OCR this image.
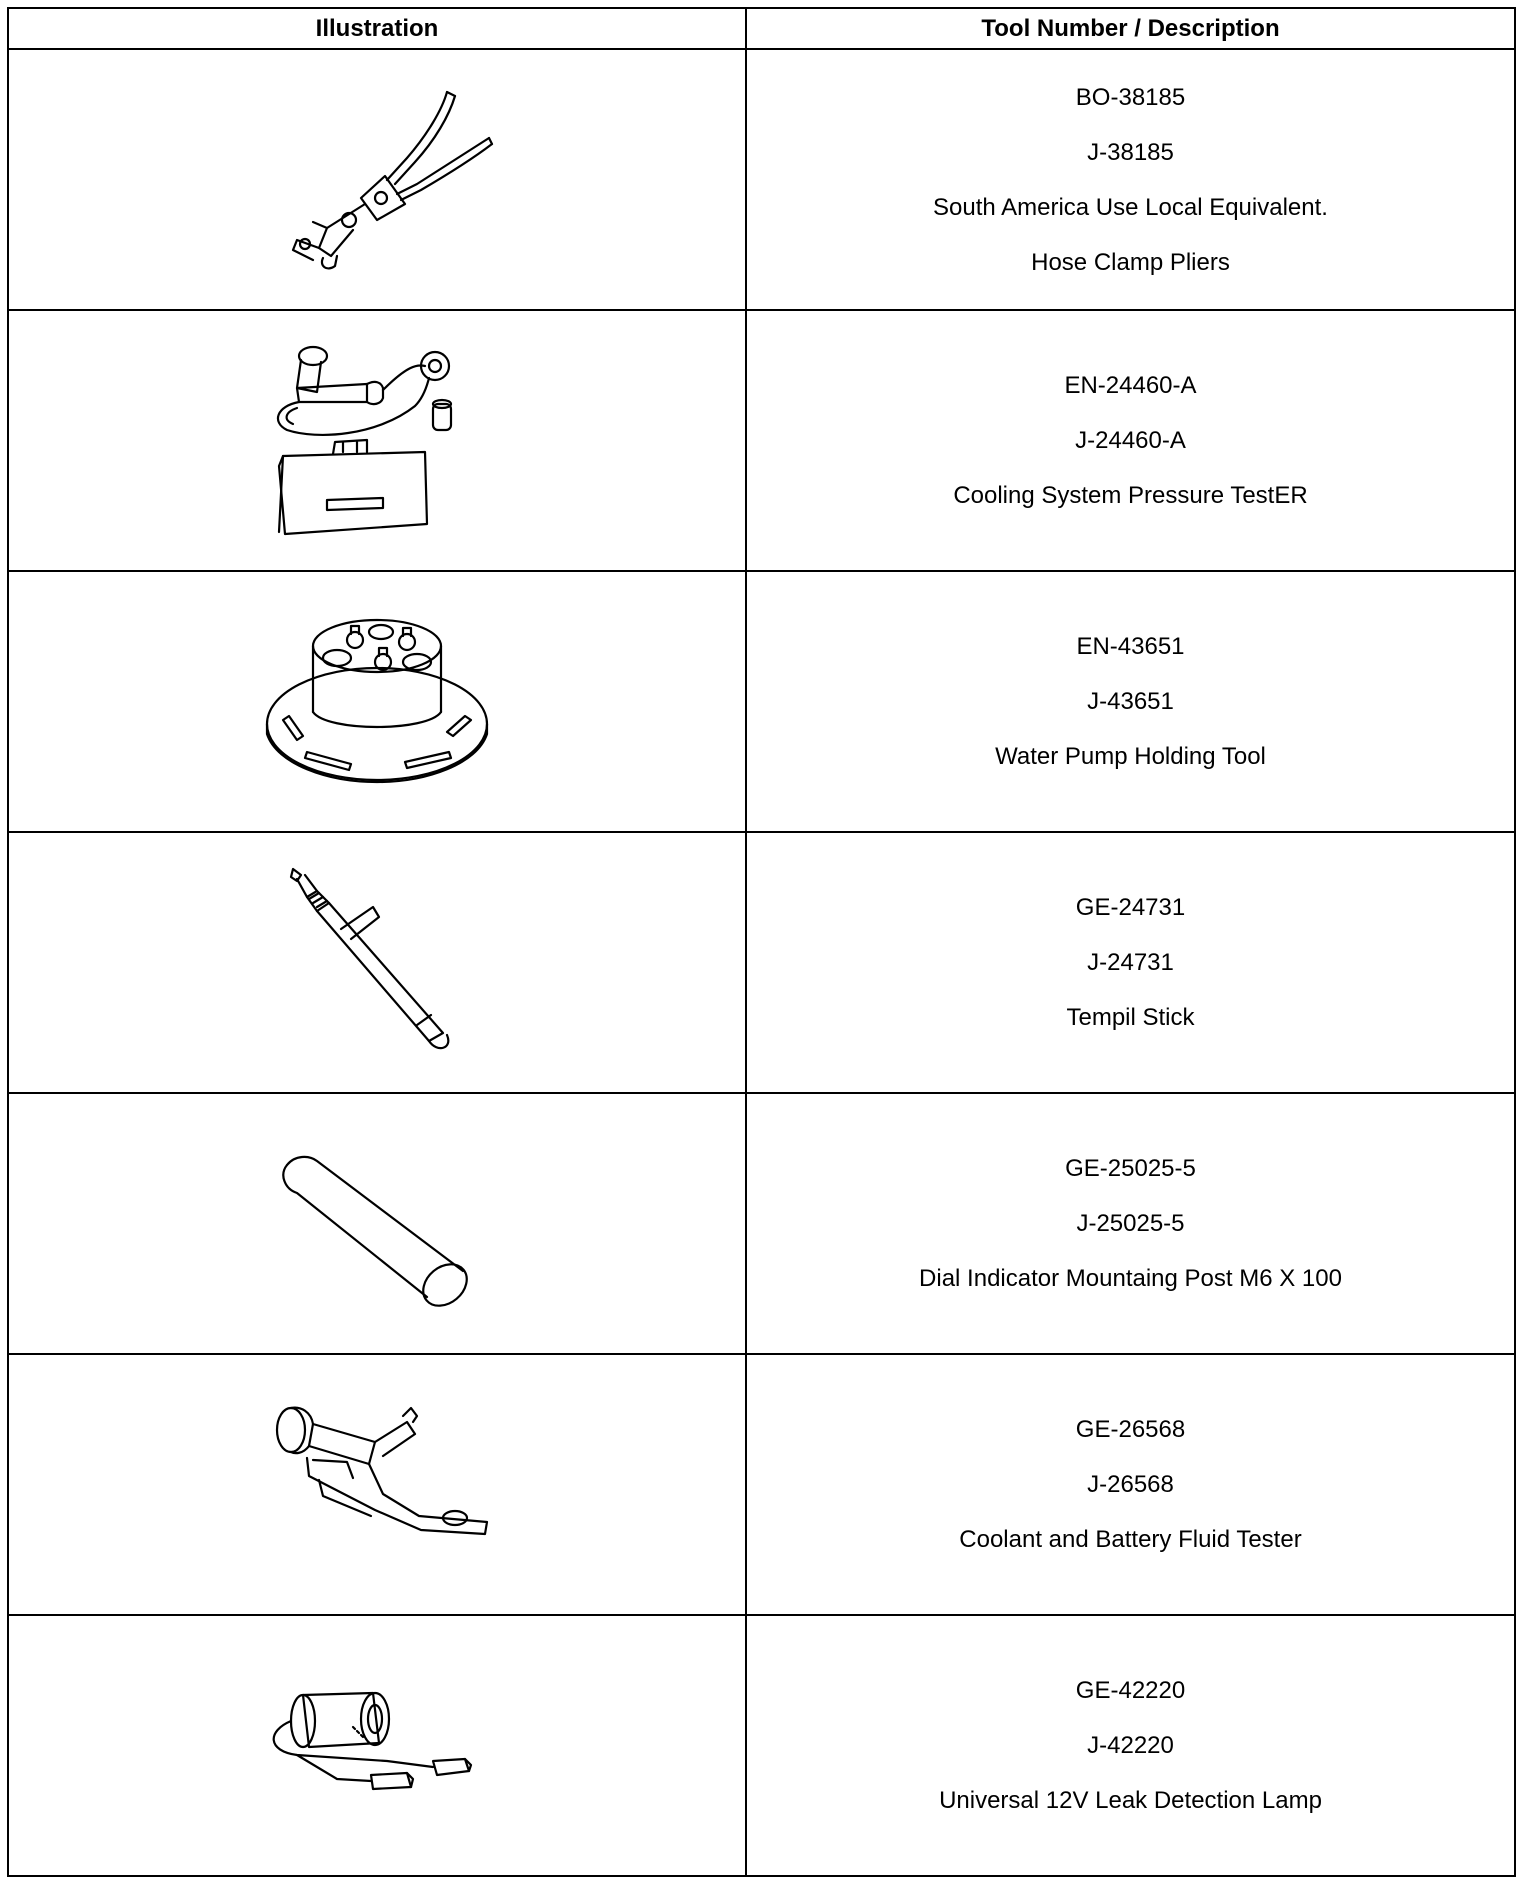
Illustration	Tool Number / Description

BO-38185
J-38185
South America Use Local Equivalent.
Hose Clamp Pliers

EN-24460-A
J-24460-A
Cooling System Pressure TestER

EN-43651
J-43651
Water Pump Holding Tool

GE-24731
J-24731
Tempil Stick

GE-25025-5
J-25025-5
Dial Indicator Mountaing Post M6 X 100

GE-26568
J-26568
Coolant and Battery Fluid Tester

GE-42220
J-42220
Universal 12V Leak Detection Lamp
